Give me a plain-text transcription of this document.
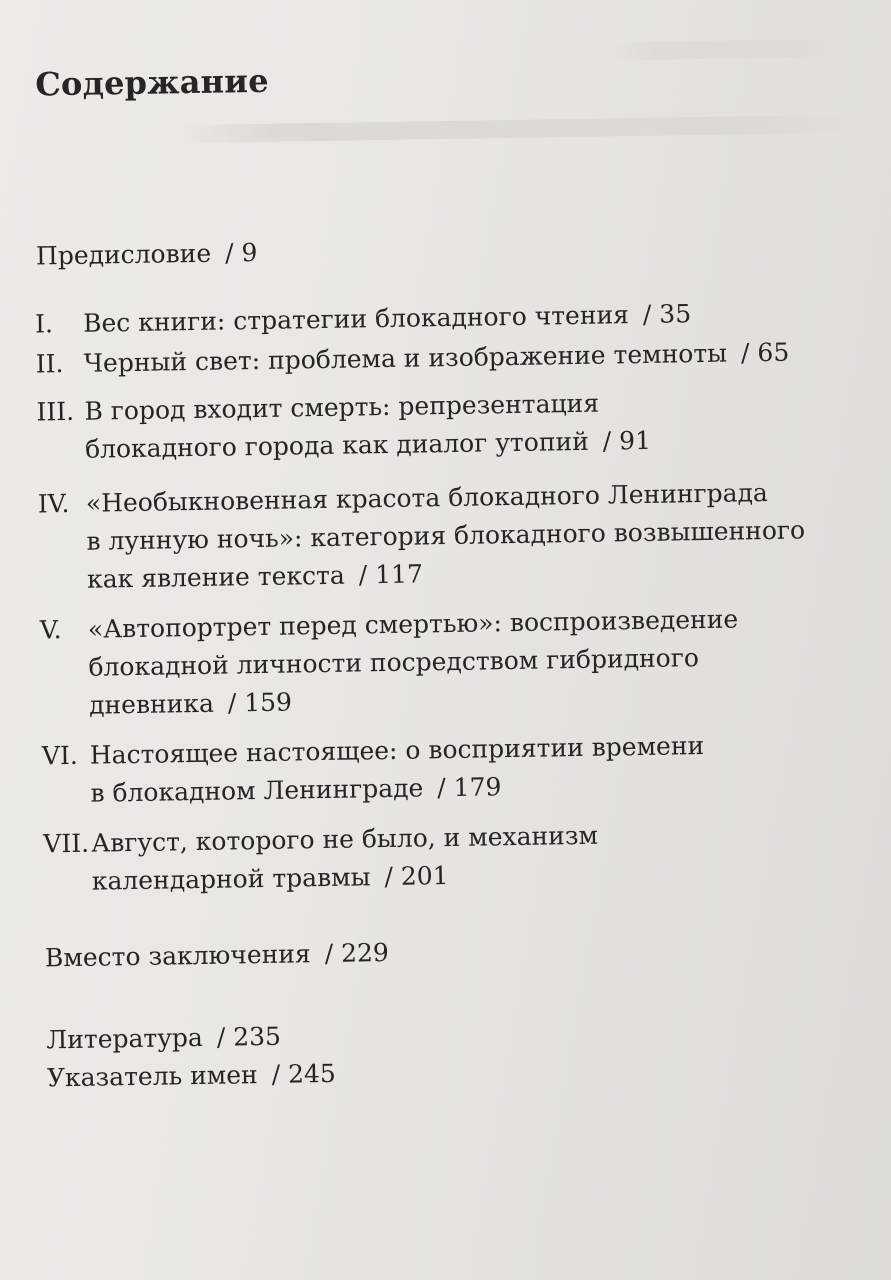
Содержание
Предисловие / 9
I. Вес книги: стратегии блокадного чтения / 35
II. Черный свет: проблема и изображение темноты / 65
III. В город входит смерть: репрезентация
блокадного города как диалог утопий / 91
IV. «Необыкновенная красота блокадного Ленинграда
в лунную ночь»: категория блокадного возвышенного
как явление текста / 117
V. «Автопортрет перед смертью»: воспроизведение
блокадной личности посредством гибридного
дневника / 159
VI. Настоящее настоящее: о восприятии времени
в блокадном Ленинграде / 179
VII. Август, которого не было, и механизм
календарной травмы / 201
Вместо заключения / 229
Литература / 235
Указатель имен / 245
